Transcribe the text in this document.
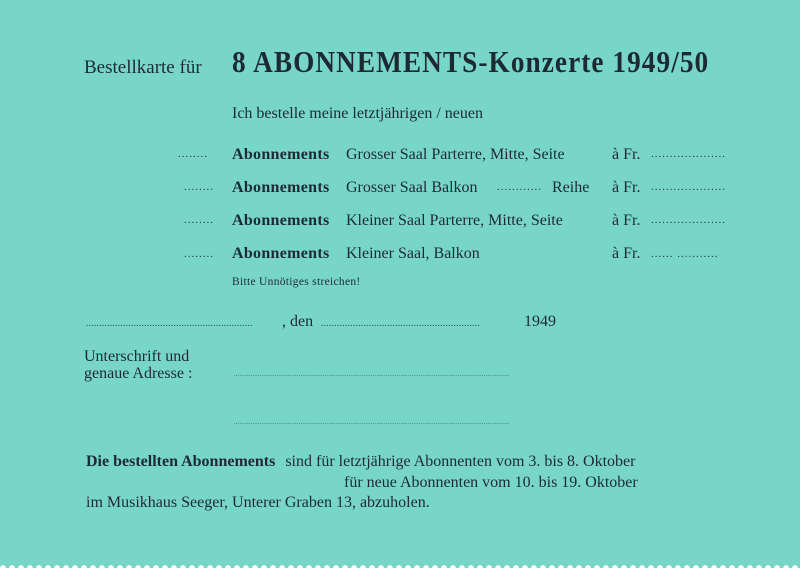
Bestellkarte für 8 ABONNEMENTS-Konzerte 1949/50
Ich bestelle meine letztjährigen / neuen
........ Abonnements Grosser Saal Parterre, Mitte, Seite	à Fr. ....................
........ Abonnements Grosser Saal Balkon ............ Reihe à Fr. ....................
........ Abonnements Kleiner Saal Parterre, Mitte, Seite	à Fr. ....................
........ Abonnements Kleiner Saal, Balkon	à Fr. ...... ...........
Bitte Unnötiges streichen!
............................................................... , den ............................................................	1949
Unterschrift und
genaue Adresse :	.....................................................................................................................................................
.....................................................................................................................................................
Die bestellten Abonnements sind für letztjährige Abonnenten vom 3. bis 8. Oktober
für neue Abonnenten vom 10. bis 19. Oktober
im Musikhaus Seeger, Unterer Graben 13, abzuholen.
